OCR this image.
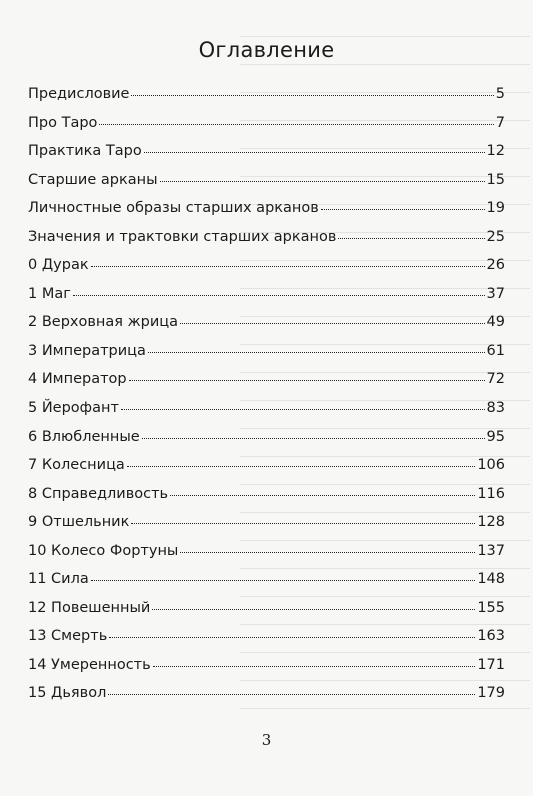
Оглавление
Предисловие	5
Про Таро	7
Практика Таро	12
Старшие арканы	15
Личностные образы старших арканов	19
Значения и трактовки старших арканов	25
0 Дурак	26
1 Маг	37
2 Верховная жрица	49
3 Императрица	61
4 Император	72
5 Йерофант	83
6 Влюбленные	95
7 Колесница	106
8 Справедливость	116
9 Отшельник	128
10 Колесо Фортуны	137
11 Сила	148
12 Повешенный	155
13 Смерть	163
14 Умеренность	171
15 Дьявол	179
3
